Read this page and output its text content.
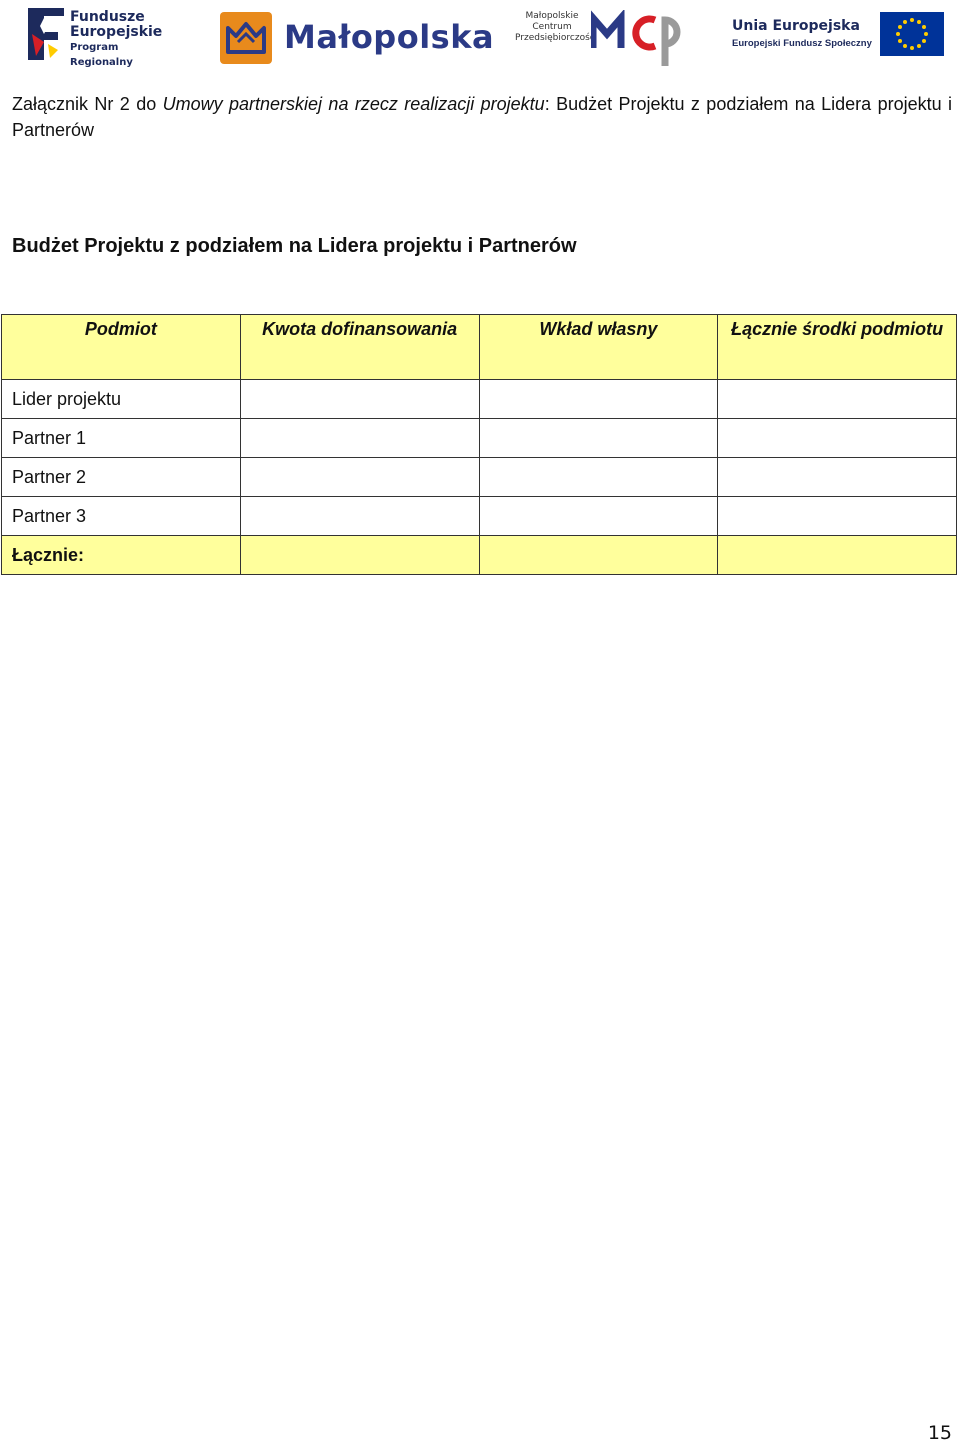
Fundusze
Europejskie
Program Regionalny
Małopolska
Małopolskie
Centrum
Przedsiębiorczości
Unia Europejska
Europejski Fundusz Społeczny

Załącznik Nr 2 do Umowy partnerskiej na rzecz realizacji projektu: Budżet Projektu z podziałem na Lidera projektu i Partnerów

Budżet Projektu z podziałem na Lidera projektu i Partnerów
Podmiot	Kwota dofinansowania	Wkład własny	Łącznie środki podmiotu
Lider projektu			
Partner 1			
Partner 2			
Partner 3			
Łącznie:			
15
